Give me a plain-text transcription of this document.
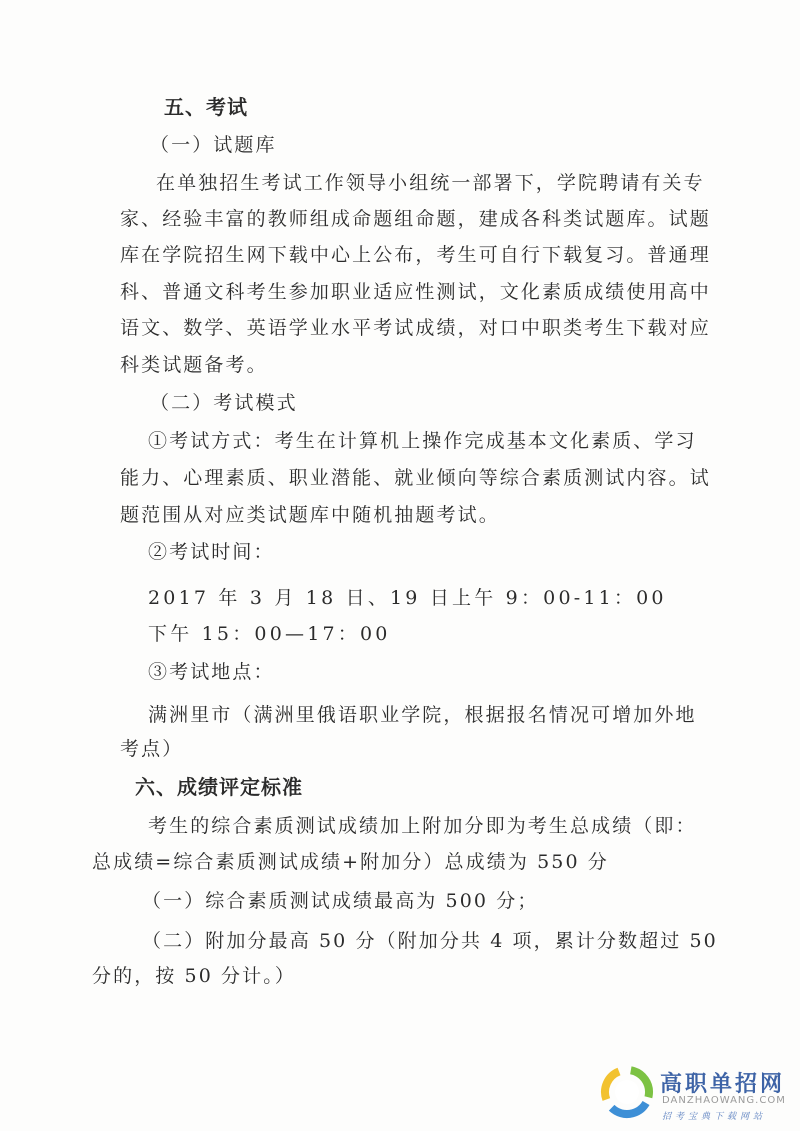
五、考试
（一）试题库
在单独招生考试工作领导小组统一部署下，学院聘请有关专
家、经验丰富的教师组成命题组命题，建成各科类试题库。试题
库在学院招生网下载中心上公布，考生可自行下载复习。普通理
科、普通文科考生参加职业适应性测试，文化素质成绩使用高中
语文、数学、英语学业水平考试成绩，对口中职类考生下载对应
科类试题备考。
（二）考试模式
①考试方式：考生在计算机上操作完成基本文化素质、学习
能力、心理素质、职业潜能、就业倾向等综合素质测试内容。试
题范围从对应类试题库中随机抽题考试。
②考试时间：
2017 年 3 月 18 日、19 日上午 9：00-11：00
下午 15：00—17：00
③考试地点：
满洲里市（满洲里俄语职业学院，根据报名情况可增加外地
考点）
六、成绩评定标准
考生的综合素质测试成绩加上附加分即为考生总成绩（即：
总成绩=综合素质测试成绩+附加分）总成绩为 550 分
（一）综合素质测试成绩最高为 500 分；
（二）附加分最高 50 分（附加分共 4 项，累计分数超过 50
分的，按 50 分计。）
高职单招网
DANZHAOWANG.COM
招考宝典下载网站
